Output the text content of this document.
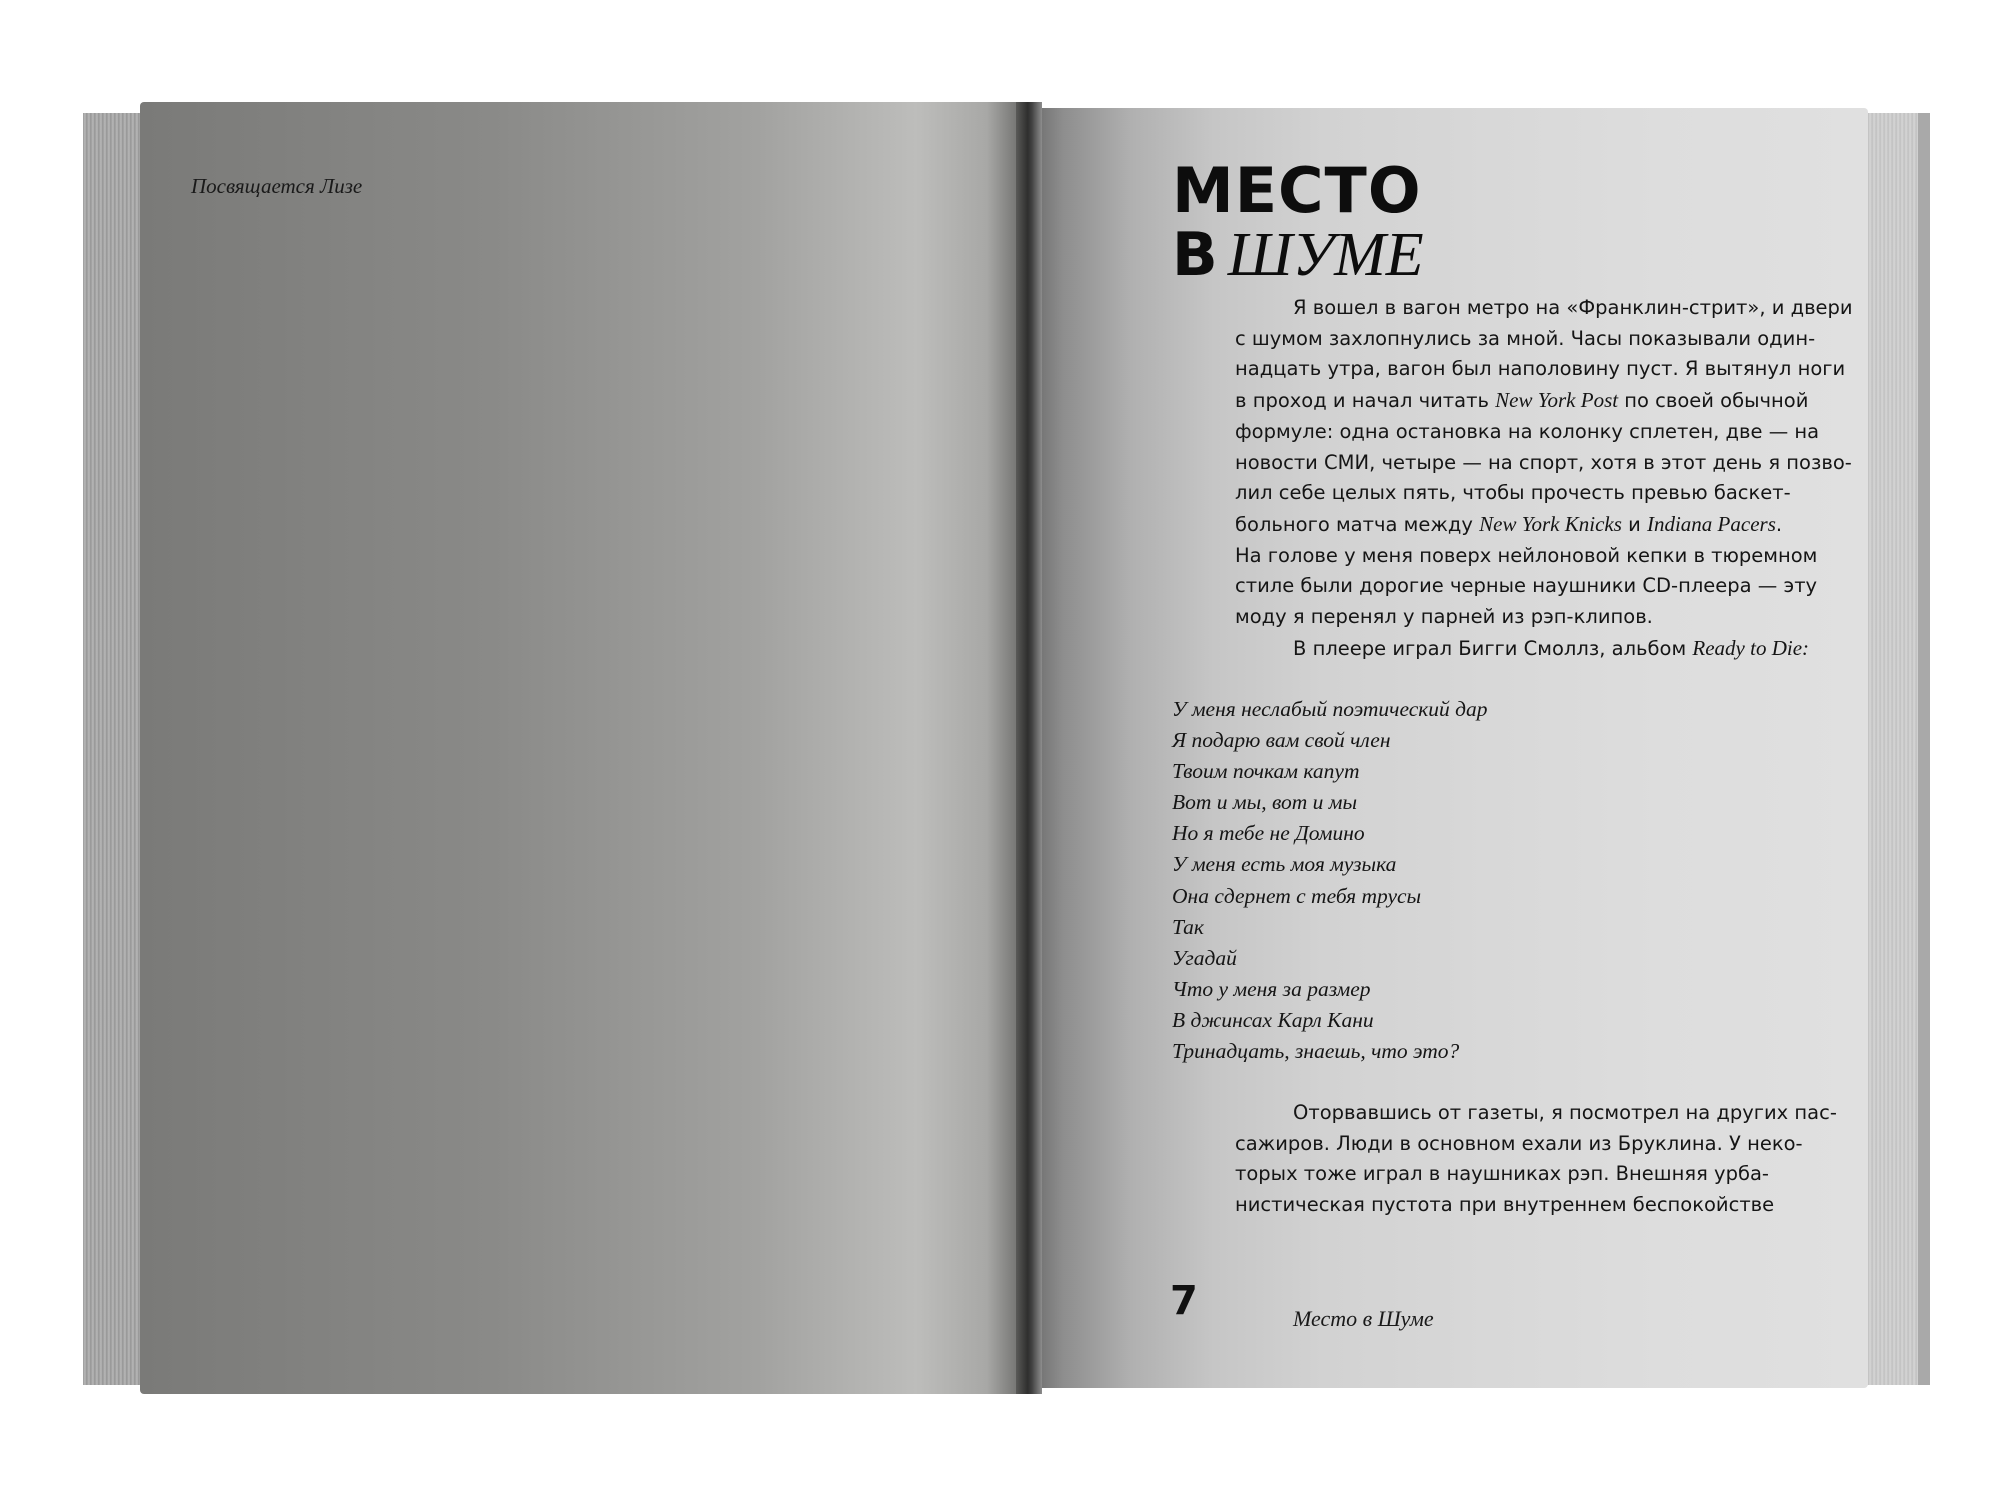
Посвящается Лизе	МЕСТО
В ШУМЕ
Я вошел в вагон метро на «Франклин-стрит», и двери
с шумом захлопнулись за мной. Часы показывали один-
надцать утра, вагон был наполовину пуст. Я вытянул ноги
в проход и начал читать New York Post по своей обычной
формуле: одна остановка на колонку сплетен, две — на
новости СМИ, четыре — на спорт, хотя в этот день я позво-
лил себе целых пять, чтобы прочесть превью баскет-
больного матча между New York Knicks и Indiana Pacers.
На голове у меня поверх нейлоновой кепки в тюремном
стиле были дорогие черные наушники CD-плеера — эту
моду я перенял у парней из рэп-клипов.
В плеере играл Бигги Смоллз, альбом Ready to Die:
У меня неслабый поэтический дар
Я подарю вам свой член
Твоим почкам капут
Вот и мы, вот и мы
Но я тебе не Домино
У меня есть моя музыка
Она сдернет с тебя трусы
Так
Угадай
Что у меня за размер
В джинсах Карл Кани
Тринадцать, знаешь, что это?
Оторвавшись от газеты, я посмотрел на других пас-
сажиров. Люди в основном ехали из Бруклина. У неко-
торых тоже играл в наушниках рэп. Внешняя урба-
нистическая пустота при внутреннем беспокойстве
7	Место в Шуме
